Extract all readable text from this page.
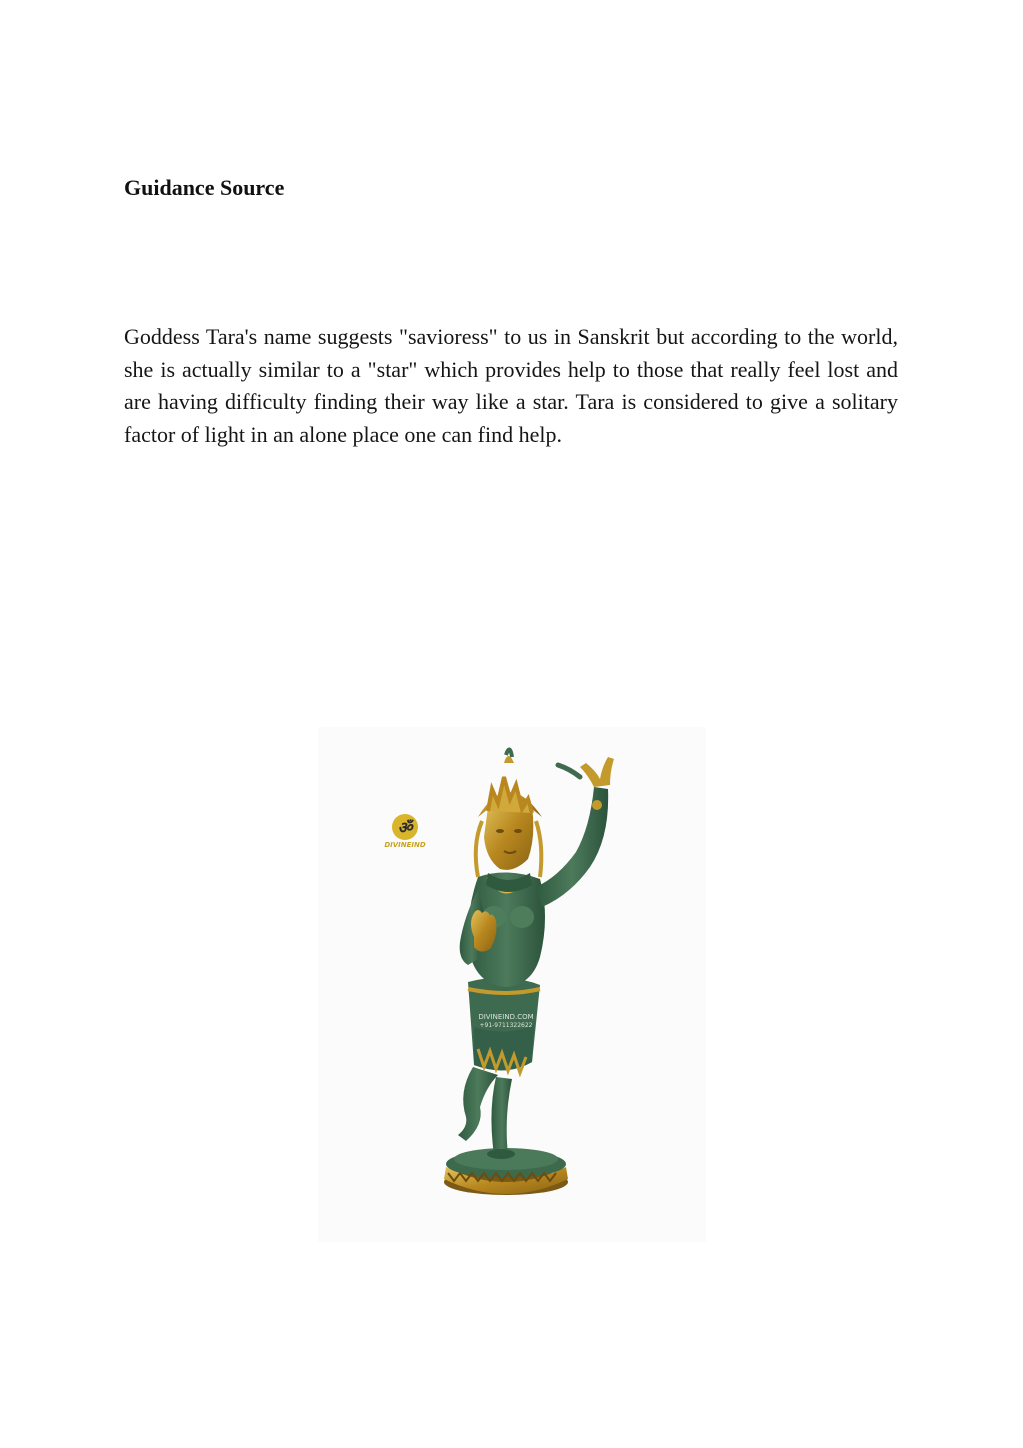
Guidance Source

Goddess Tara's name suggests "savioress" to us in Sanskrit but according to the world, she is actually similar to a "star" which provides help to those that really feel lost and are having difficulty finding their way like a star. Tara is considered to give a solitary factor of light in an alone place one can find help.

ॐ
DIVINEIND
DIVINEIND.COM
+91-9711322622
